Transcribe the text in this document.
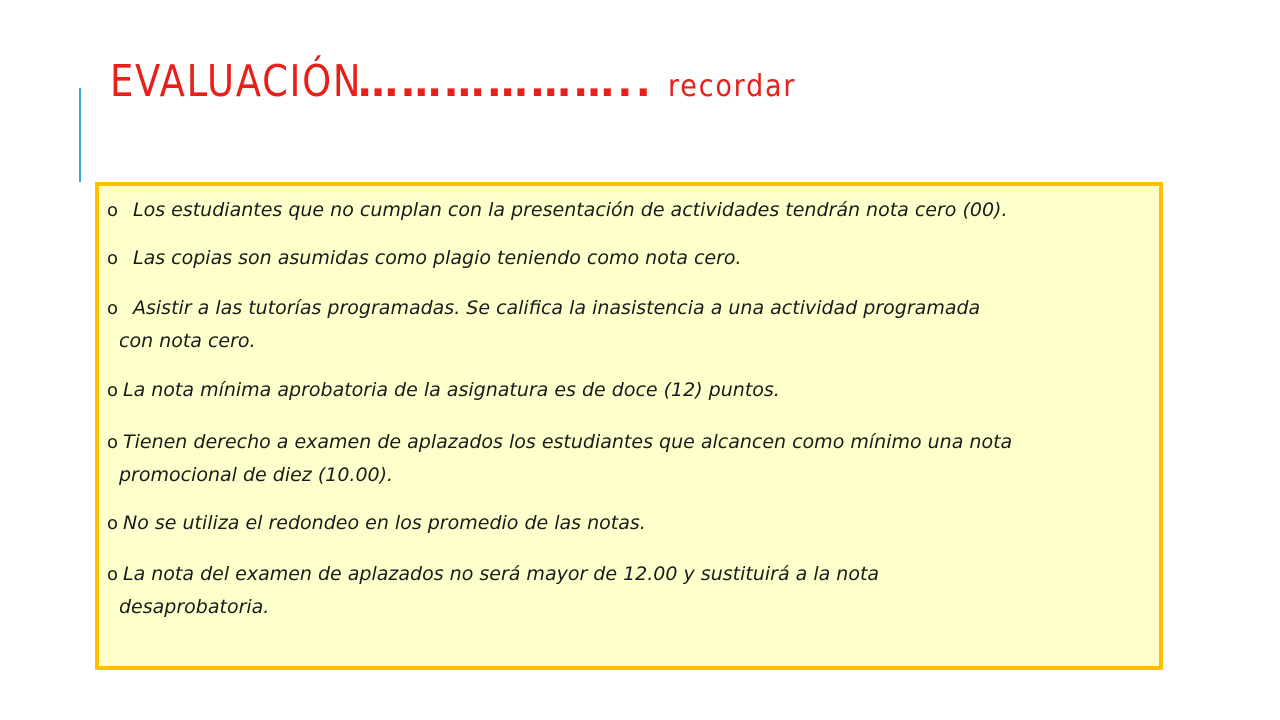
EVALUACIÓN
……………….. recordar
o Los estudiantes que no cumplan con la presentación de actividades tendrán nota cero (00).
o Las copias son asumidas como plagio teniendo como nota cero.
o Asistir a las tutorías programadas. Se califica la inasistencia a una actividad programada
con nota cero.
o La nota mínima aprobatoria de la asignatura es de doce (12) puntos.
o Tienen derecho a examen de aplazados los estudiantes que alcancen como mínimo una nota
promocional de diez (10.00).
o No se utiliza el redondeo en los promedio de las notas.
o La nota del examen de aplazados no será mayor de 12.00 y sustituirá a la nota
desaprobatoria.
